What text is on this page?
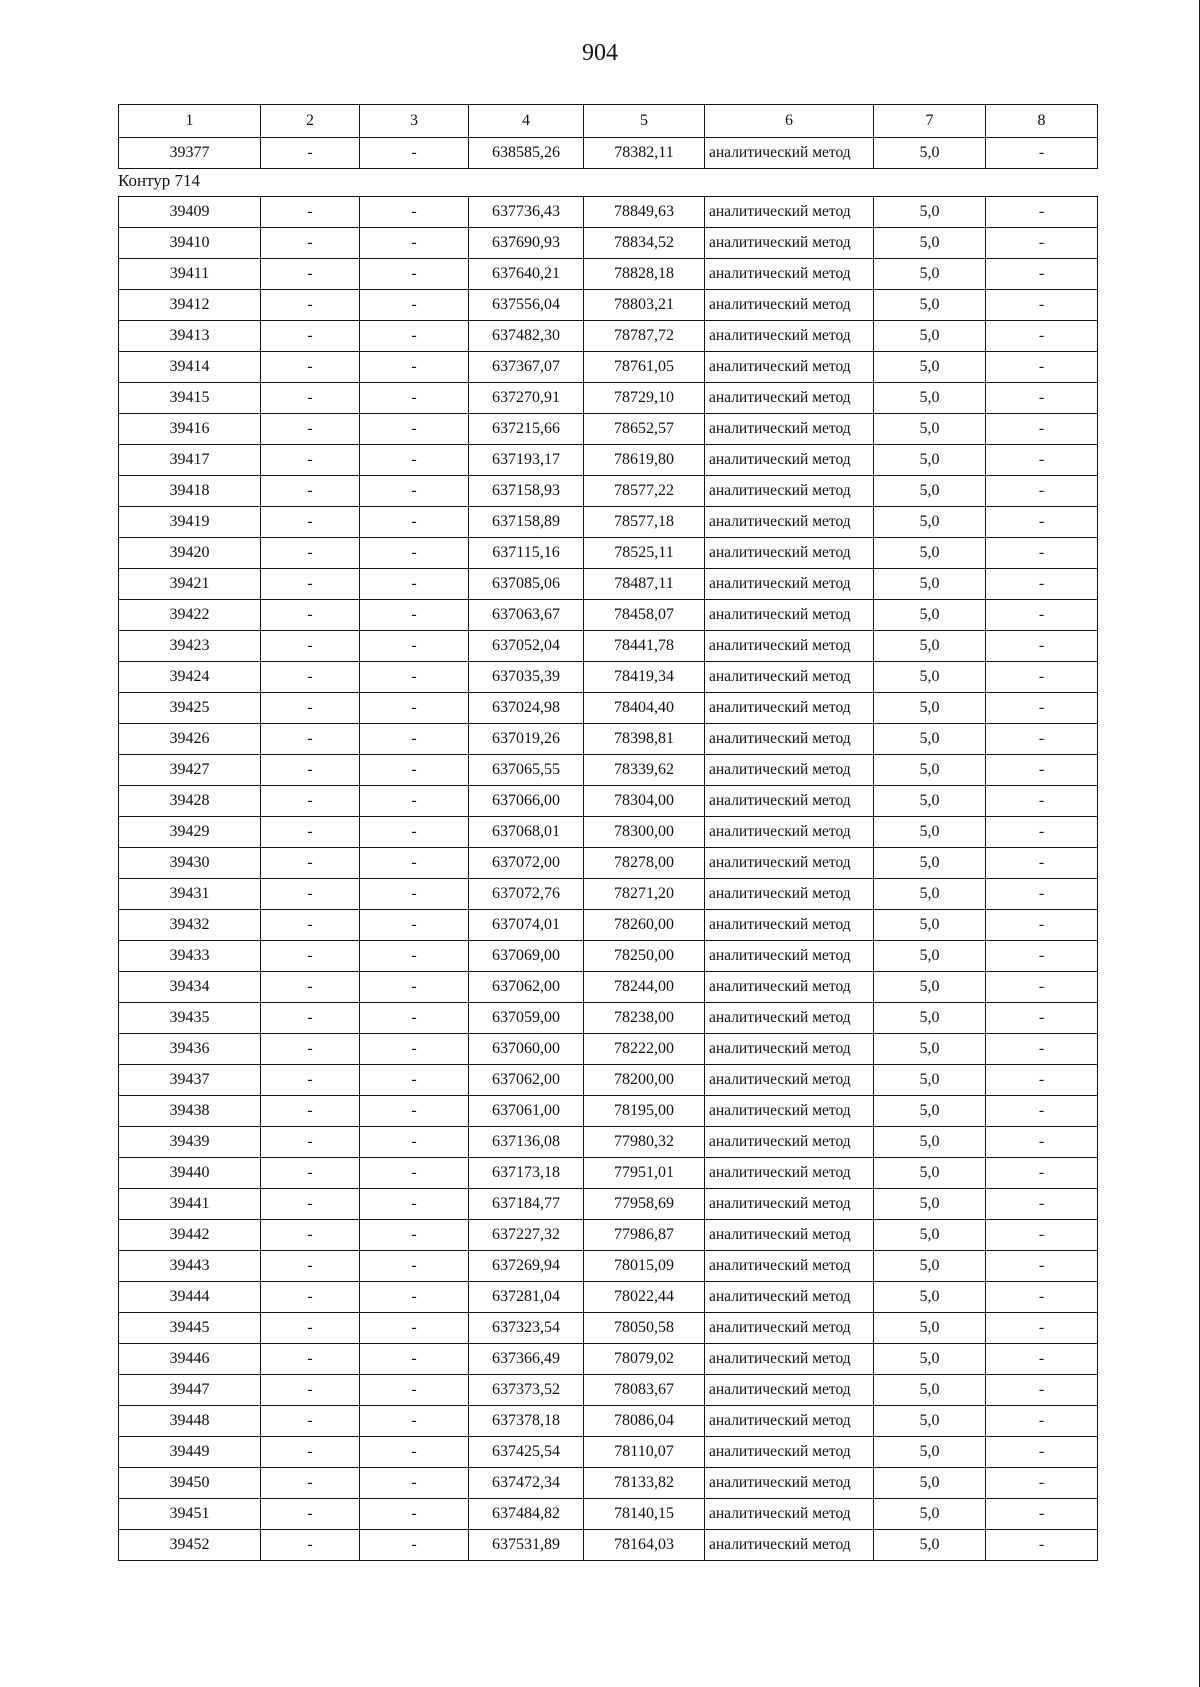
904
1	2	3	4	5	6	7	8
39377	-	-	638585,26	78382,11	аналитический метод	5,0	-
Контур 714
39409	-	-	637736,43	78849,63	аналитический метод	5,0	-
39410	-	-	637690,93	78834,52	аналитический метод	5,0	-
39411	-	-	637640,21	78828,18	аналитический метод	5,0	-
39412	-	-	637556,04	78803,21	аналитический метод	5,0	-
39413	-	-	637482,30	78787,72	аналитический метод	5,0	-
39414	-	-	637367,07	78761,05	аналитический метод	5,0	-
39415	-	-	637270,91	78729,10	аналитический метод	5,0	-
39416	-	-	637215,66	78652,57	аналитический метод	5,0	-
39417	-	-	637193,17	78619,80	аналитический метод	5,0	-
39418	-	-	637158,93	78577,22	аналитический метод	5,0	-
39419	-	-	637158,89	78577,18	аналитический метод	5,0	-
39420	-	-	637115,16	78525,11	аналитический метод	5,0	-
39421	-	-	637085,06	78487,11	аналитический метод	5,0	-
39422	-	-	637063,67	78458,07	аналитический метод	5,0	-
39423	-	-	637052,04	78441,78	аналитический метод	5,0	-
39424	-	-	637035,39	78419,34	аналитический метод	5,0	-
39425	-	-	637024,98	78404,40	аналитический метод	5,0	-
39426	-	-	637019,26	78398,81	аналитический метод	5,0	-
39427	-	-	637065,55	78339,62	аналитический метод	5,0	-
39428	-	-	637066,00	78304,00	аналитический метод	5,0	-
39429	-	-	637068,01	78300,00	аналитический метод	5,0	-
39430	-	-	637072,00	78278,00	аналитический метод	5,0	-
39431	-	-	637072,76	78271,20	аналитический метод	5,0	-
39432	-	-	637074,01	78260,00	аналитический метод	5,0	-
39433	-	-	637069,00	78250,00	аналитический метод	5,0	-
39434	-	-	637062,00	78244,00	аналитический метод	5,0	-
39435	-	-	637059,00	78238,00	аналитический метод	5,0	-
39436	-	-	637060,00	78222,00	аналитический метод	5,0	-
39437	-	-	637062,00	78200,00	аналитический метод	5,0	-
39438	-	-	637061,00	78195,00	аналитический метод	5,0	-
39439	-	-	637136,08	77980,32	аналитический метод	5,0	-
39440	-	-	637173,18	77951,01	аналитический метод	5,0	-
39441	-	-	637184,77	77958,69	аналитический метод	5,0	-
39442	-	-	637227,32	77986,87	аналитический метод	5,0	-
39443	-	-	637269,94	78015,09	аналитический метод	5,0	-
39444	-	-	637281,04	78022,44	аналитический метод	5,0	-
39445	-	-	637323,54	78050,58	аналитический метод	5,0	-
39446	-	-	637366,49	78079,02	аналитический метод	5,0	-
39447	-	-	637373,52	78083,67	аналитический метод	5,0	-
39448	-	-	637378,18	78086,04	аналитический метод	5,0	-
39449	-	-	637425,54	78110,07	аналитический метод	5,0	-
39450	-	-	637472,34	78133,82	аналитический метод	5,0	-
39451	-	-	637484,82	78140,15	аналитический метод	5,0	-
39452	-	-	637531,89	78164,03	аналитический метод	5,0	-
